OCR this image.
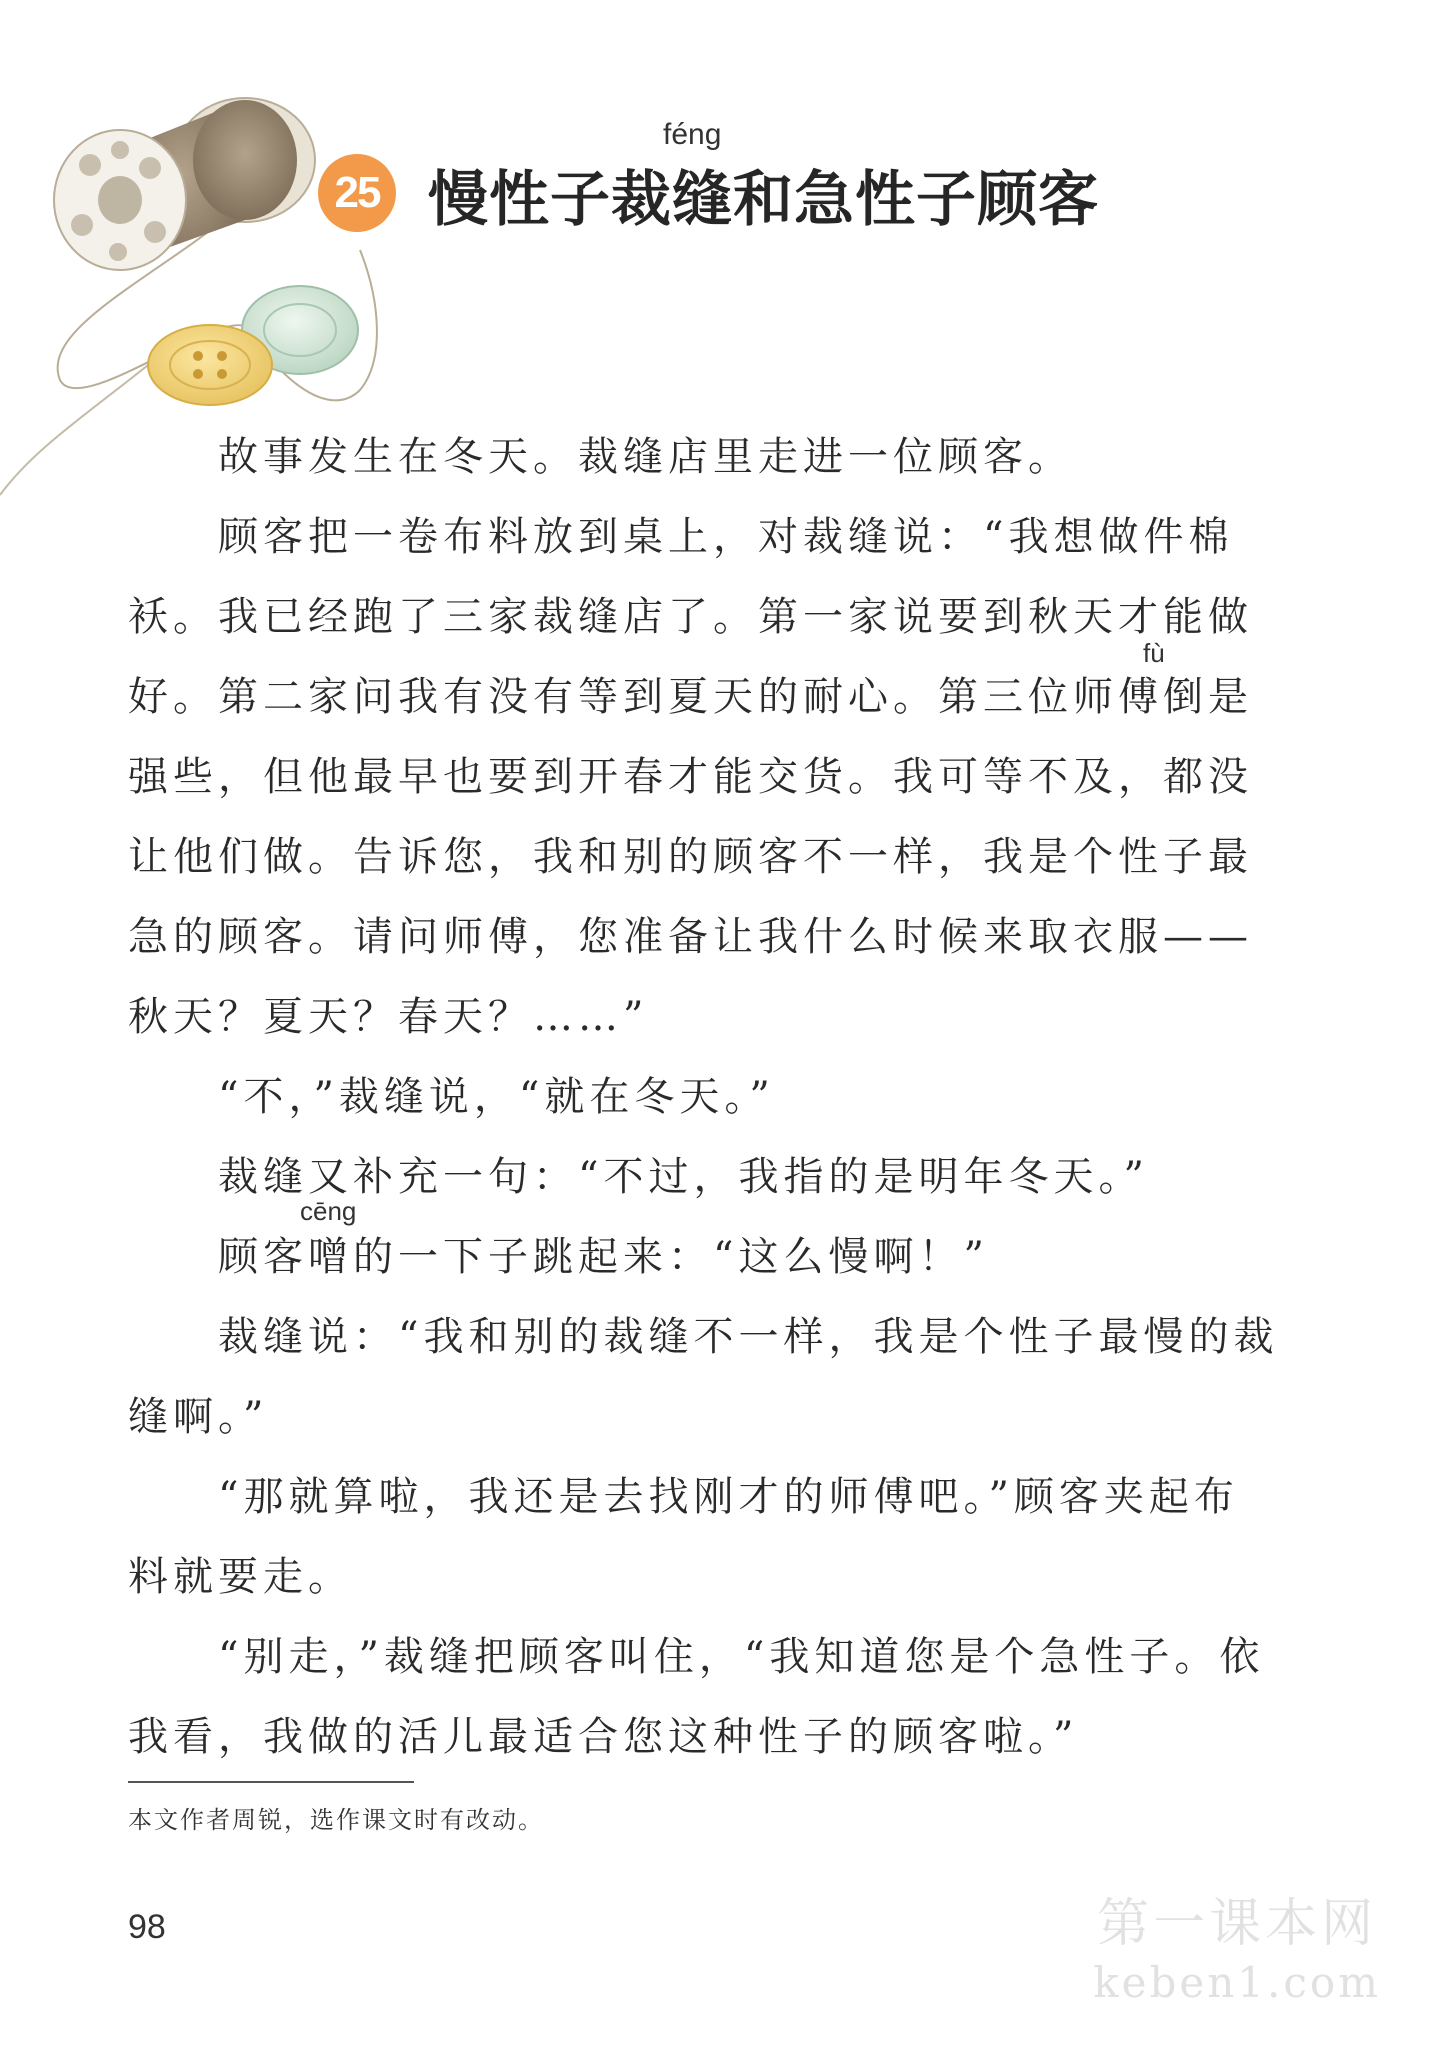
25
féng
慢性子裁缝和急性子顾客
故事发生在冬天。裁缝店里走进一位顾客。
顾客把一卷布料放到桌上，对裁缝说：“我想做件棉
袄。我已经跑了三家裁缝店了。第一家说要到秋天才能做
fù
好。第二家问我有没有等到夏天的耐心。第三位师傅倒是
强些，但他最早也要到开春才能交货。我可等不及，都没
让他们做。告诉您，我和别的顾客不一样，我是个性子最
急的顾客。请问师傅，您准备让我什么时候来取衣服——
秋天？夏天？春天？……”
“不，”裁缝说，“就在冬天。”
裁缝又补充一句：“不过，我指的是明年冬天。”
cēng
顾客噌的一下子跳起来：“这么慢啊！”
裁缝说：“我和别的裁缝不一样，我是个性子最慢的裁
缝啊。”
“那就算啦，我还是去找刚才的师傅吧。”顾客夹起布
料就要走。
“别走，”裁缝把顾客叫住，“我知道您是个急性子。依
我看，我做的活儿最适合您这种性子的顾客啦。”
本文作者周锐，选作课文时有改动。
98	第一课本网
keben1.com
